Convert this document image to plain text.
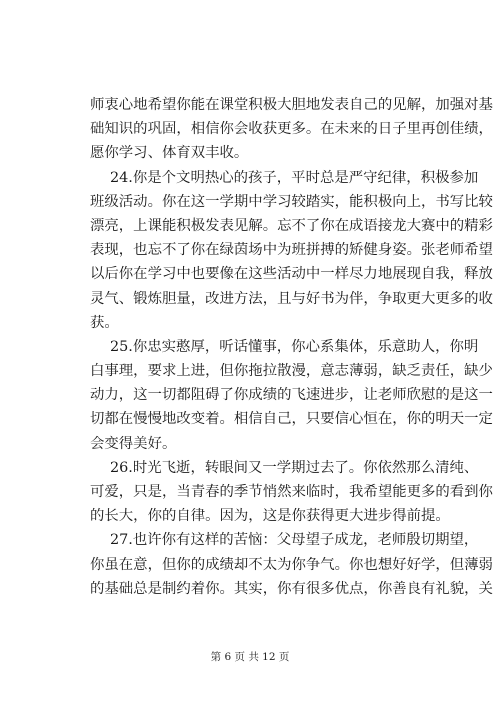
师衷心地希望你能在课堂积极大胆地发表自己的见解，加强对基
础知识的巩固，相信你会收获更多。在未来的日子里再创佳绩，
愿你学习、体育双丰收。
24.你是个文明热心的孩子，平时总是严守纪律，积极参加
班级活动。你在这一学期中学习较踏实，能积极向上，书写比较
漂亮，上课能积极发表见解。忘不了你在成语接龙大赛中的精彩
表现，也忘不了你在绿茵场中为班拼搏的矫健身姿。张老师希望
以后你在学习中也要像在这些活动中一样尽力地展现自我，释放
灵气、锻炼胆量，改进方法，且与好书为伴，争取更大更多的收
获。
25.你忠实憨厚，听话懂事，你心系集体，乐意助人，你明
白事理，要求上进，但你拖拉散漫，意志薄弱，缺乏责任，缺少
动力，这一切都阻碍了你成绩的飞速进步，让老师欣慰的是这一
切都在慢慢地改变着。相信自己，只要信心恒在，你的明天一定
会变得美好。
26.时光飞逝，转眼间又一学期过去了。你依然那么清纯、
可爱，只是，当青春的季节悄然来临时，我希望能更多的看到你
的长大，你的自律。因为，这是你获得更大进步得前提。
27.也许你有这样的苦恼：父母望子成龙，老师殷切期望，
你虽在意，但你的成绩却不太为你争气。你也想好好学，但薄弱
的基础总是制约着你。其实，你有很多优点，你善良有礼貌，关
第 6 页 共 12 页
